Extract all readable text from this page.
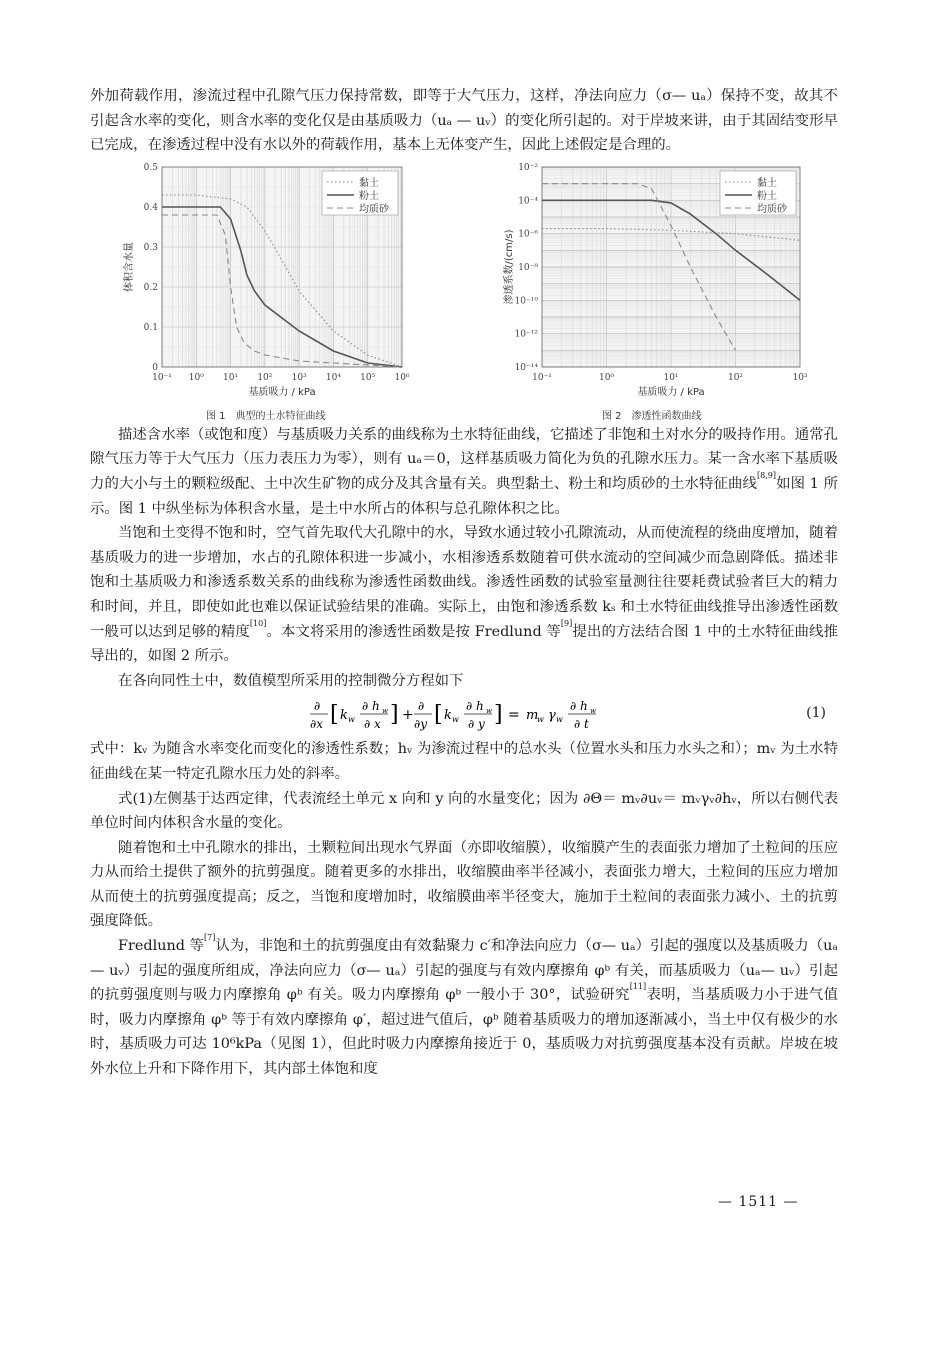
外加荷载作用，渗流过程中孔隙气压力保持常数，即等于大气压力，这样，净法向应力（σ— uₐ）保持不变，故其不引起含水率的变化，则含水率的变化仅是由基质吸力（uₐ — uᵥ）的变化所引起的。对于岸坡来讲，由于其固结变形早已完成，在渗透过程中没有水以外的荷载作用，基本上无体变产生，因此上述假定是合理的。

10⁻¹ 10⁰ 10¹ 10² 10³ 10⁴ 10⁵ 10⁶
0
0.1
0.2
0.3
0.4
0.5
基质吸力 / kPa
体积含水量
黏土
粉土
均质砂
图 1　典型的土水特征曲线
10⁻¹	10⁰	10¹	10²	10³
10⁻²
10⁻⁴
10⁻⁶
10⁻⁸
10⁻¹⁰
10⁻¹²
10⁻¹⁴
基质吸力 / kPa
渗透系数/(cm/s)
黏土
粉土
均质砂
图 2　渗透性函数曲线

描述含水率（或饱和度）与基质吸力关系的曲线称为土水特征曲线，它描述了非饱和土对水分的吸持作用。通常孔隙气压力等于大气压力（压力表压力为零），则有 uₐ＝0，这样基质吸力简化为负的孔隙水压力。某一含水率下基质吸力的大小与土的颗粒级配、土中次生矿物的成分及其含量有关。典型黏土、粉土和均质砂的土水特征曲线[8,9]如图 1 所示。图 1 中纵坐标为体积含水量，是土中水所占的体积与总孔隙体积之比。

当饱和土变得不饱和时，空气首先取代大孔隙中的水，导致水通过较小孔隙流动，从而使流程的绕曲度增加，随着基质吸力的进一步增加，水占的孔隙体积进一步减小，水相渗透系数随着可供水流动的空间减少而急剧降低。描述非饱和土基质吸力和渗透系数关系的曲线称为渗透性函数曲线。渗透性函数的试验室量测往往要耗费试验者巨大的精力和时间，并且，即使如此也难以保证试验结果的准确。实际上，由饱和渗透系数 kₛ 和土水特征曲线推导出渗透性函数一般可以达到足够的精度[10]。本文将采用的渗透性函数是按 Fredlund 等[9]提出的方法结合图 1 中的土水特征曲线推导出的，如图 2 所示。

在各向同性土中，数值模型所采用的控制微分方程如下

∂
∂x [ k w
∂ h w
∂ x ] +
∂
∂y [ k w
∂ h w
∂ y ] = m
w γ w
∂ h w
∂ t
(1)

式中：kᵥ 为随含水率变化而变化的渗透性系数；hᵥ 为渗流过程中的总水头（位置水头和压力水头之和）；mᵥ 为土水特征曲线在某一特定孔隙水压力处的斜率。

式(1)左侧基于达西定律，代表流经土单元 x 向和 y 向的水量变化；因为 ∂Θ＝ mᵥ∂uᵥ＝ mᵥγᵥ∂hᵥ，所以右侧代表单位时间内体积含水量的变化。

随着饱和土中孔隙水的排出，土颗粒间出现水气界面（亦即收缩膜），收缩膜产生的表面张力增加了土粒间的压应力从而给土提供了额外的抗剪强度。随着更多的水排出，收缩膜曲率半径减小，表面张力增大，土粒间的压应力增加从而使土的抗剪强度提高；反之，当饱和度增加时，收缩膜曲率半径变大，施加于土粒间的表面张力减小、土的抗剪强度降低。

Fredlund 等[7]认为，非饱和土的抗剪强度由有效黏聚力 c′和净法向应力（σ— uₐ）引起的强度以及基质吸力（uₐ— uᵥ）引起的强度所组成，净法向应力（σ— uₐ）引起的强度与有效内摩擦角 φᵇ 有关，而基质吸力（uₐ— uᵥ）引起的抗剪强度则与吸力内摩擦角 φᵇ 有关。吸力内摩擦角 φᵇ 一般小于 30°，试验研究[11]表明，当基质吸力小于进气值时，吸力内摩擦角 φᵇ 等于有效内摩擦角 φ′，超过进气值后，φᵇ 随着基质吸力的增加逐渐减小，当土中仅有极少的水时，基质吸力可达 10⁶kPa（见图 1），但此时吸力内摩擦角接近于 0，基质吸力对抗剪强度基本没有贡献。岸坡在坡外水位上升和下降作用下，其内部土体饱和度

— 1511 —
